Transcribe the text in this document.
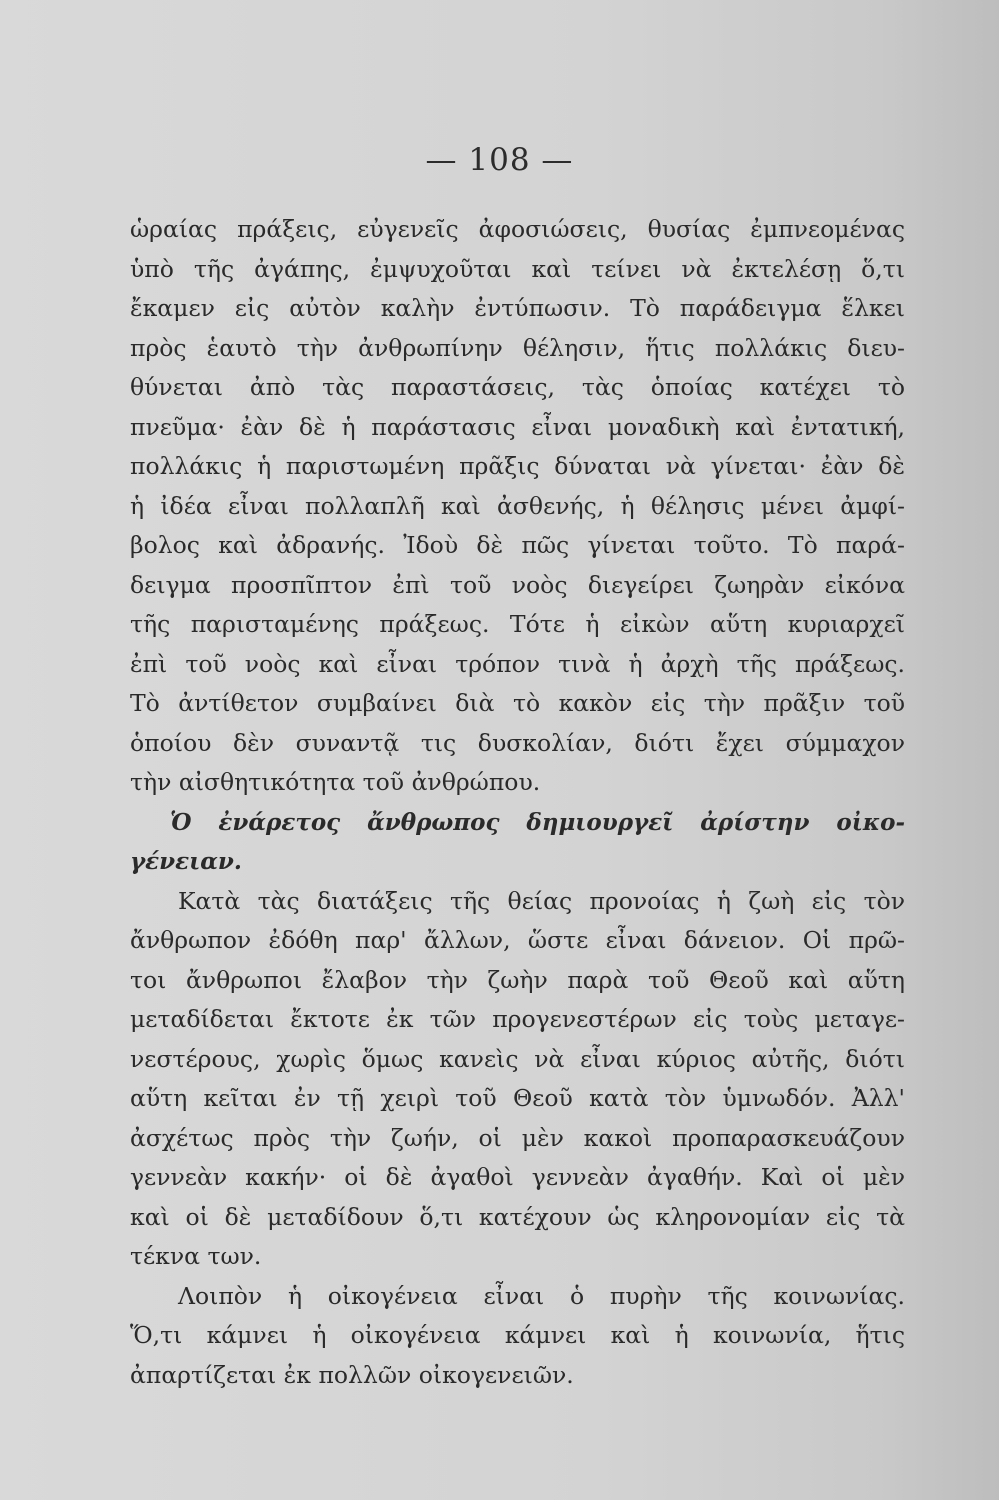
— 108 —
ὡραίας πράξεις, εὐγενεῖς ἀφοσιώσεις, θυσίας ἐμπνεομένας
ὑπὸ τῆς ἀγάπης, ἐμψυχοῦται καὶ τείνει νὰ ἐκτελέσῃ ὅ,τι
ἔκαμεν εἰς αὐτὸν καλὴν ἐντύπωσιν. Τὸ παράδειγμα ἕλκει
πρὸς ἑαυτὸ τὴν ἀνθρωπίνην θέλησιν, ἥτις πολλάκις διευ-
θύνεται ἀπὸ τὰς παραστάσεις, τὰς ὁποίας κατέχει τὸ
πνεῦμα· ἐὰν δὲ ἡ παράστασις εἶναι μοναδικὴ καὶ ἐντατική,
πολλάκις ἡ παριστωμένη πρᾶξις δύναται νὰ γίνεται· ἐὰν δὲ
ἡ ἰδέα εἶναι πολλαπλῆ καὶ ἀσθενής, ἡ θέλησις μένει ἀμφί-
βολος καὶ ἀδρανής. Ἰδοὺ δὲ πῶς γίνεται τοῦτο. Τὸ παρά-
δειγμα προσπῖπτον ἐπὶ τοῦ νοὸς διεγείρει ζωηρὰν εἰκόνα
τῆς παρισταμένης πράξεως. Τότε ἡ εἰκὼν αὕτη κυριαρχεῖ
ἐπὶ τοῦ νοὸς καὶ εἶναι τρόπον τινὰ ἡ ἀρχὴ τῆς πράξεως.
Τὸ ἀντίθετον συμβαίνει διὰ τὸ κακὸν εἰς τὴν πρᾶξιν τοῦ
ὁποίου δὲν συναντᾷ τις δυσκολίαν, διότι ἔχει σύμμαχον
τὴν αἰσθητικότητα τοῦ ἀνθρώπου.
Ὁ ἐνάρετος ἄνθρωπος δημιουργεῖ ἀρίστην οἰκο-
γένειαν.
Κατὰ τὰς διατάξεις τῆς θείας προνοίας ἡ ζωὴ εἰς τὸν
ἄνθρωπον ἐδόθη παρ' ἄλλων, ὥστε εἶναι δάνειον. Οἱ πρῶ-
τοι ἄνθρωποι ἔλαβον τὴν ζωὴν παρὰ τοῦ Θεοῦ καὶ αὕτη
μεταδίδεται ἔκτοτε ἐκ τῶν προγενεστέρων εἰς τοὺς μεταγε-
νεστέρους, χωρὶς ὅμως κανεὶς νὰ εἶναι κύριος αὐτῆς, διότι
αὕτη κεῖται ἐν τῇ χειρὶ τοῦ Θεοῦ κατὰ τὸν ὑμνωδόν. Ἀλλ'
ἀσχέτως πρὸς τὴν ζωήν, οἱ μὲν κακοὶ προπαρασκευάζουν
γεννεὰν κακήν· οἱ δὲ ἀγαθοὶ γεννεὰν ἀγαθήν. Καὶ οἱ μὲν
καὶ οἱ δὲ μεταδίδουν ὅ,τι κατέχουν ὡς κληρονομίαν εἰς τὰ
τέκνα των.
Λοιπὸν ἡ οἰκογένεια εἶναι ὁ πυρὴν τῆς κοινωνίας.
Ὅ,τι κάμνει ἡ οἰκογένεια κάμνει καὶ ἡ κοινωνία, ἥτις
ἀπαρτίζεται ἐκ πολλῶν οἰκογενειῶν.
